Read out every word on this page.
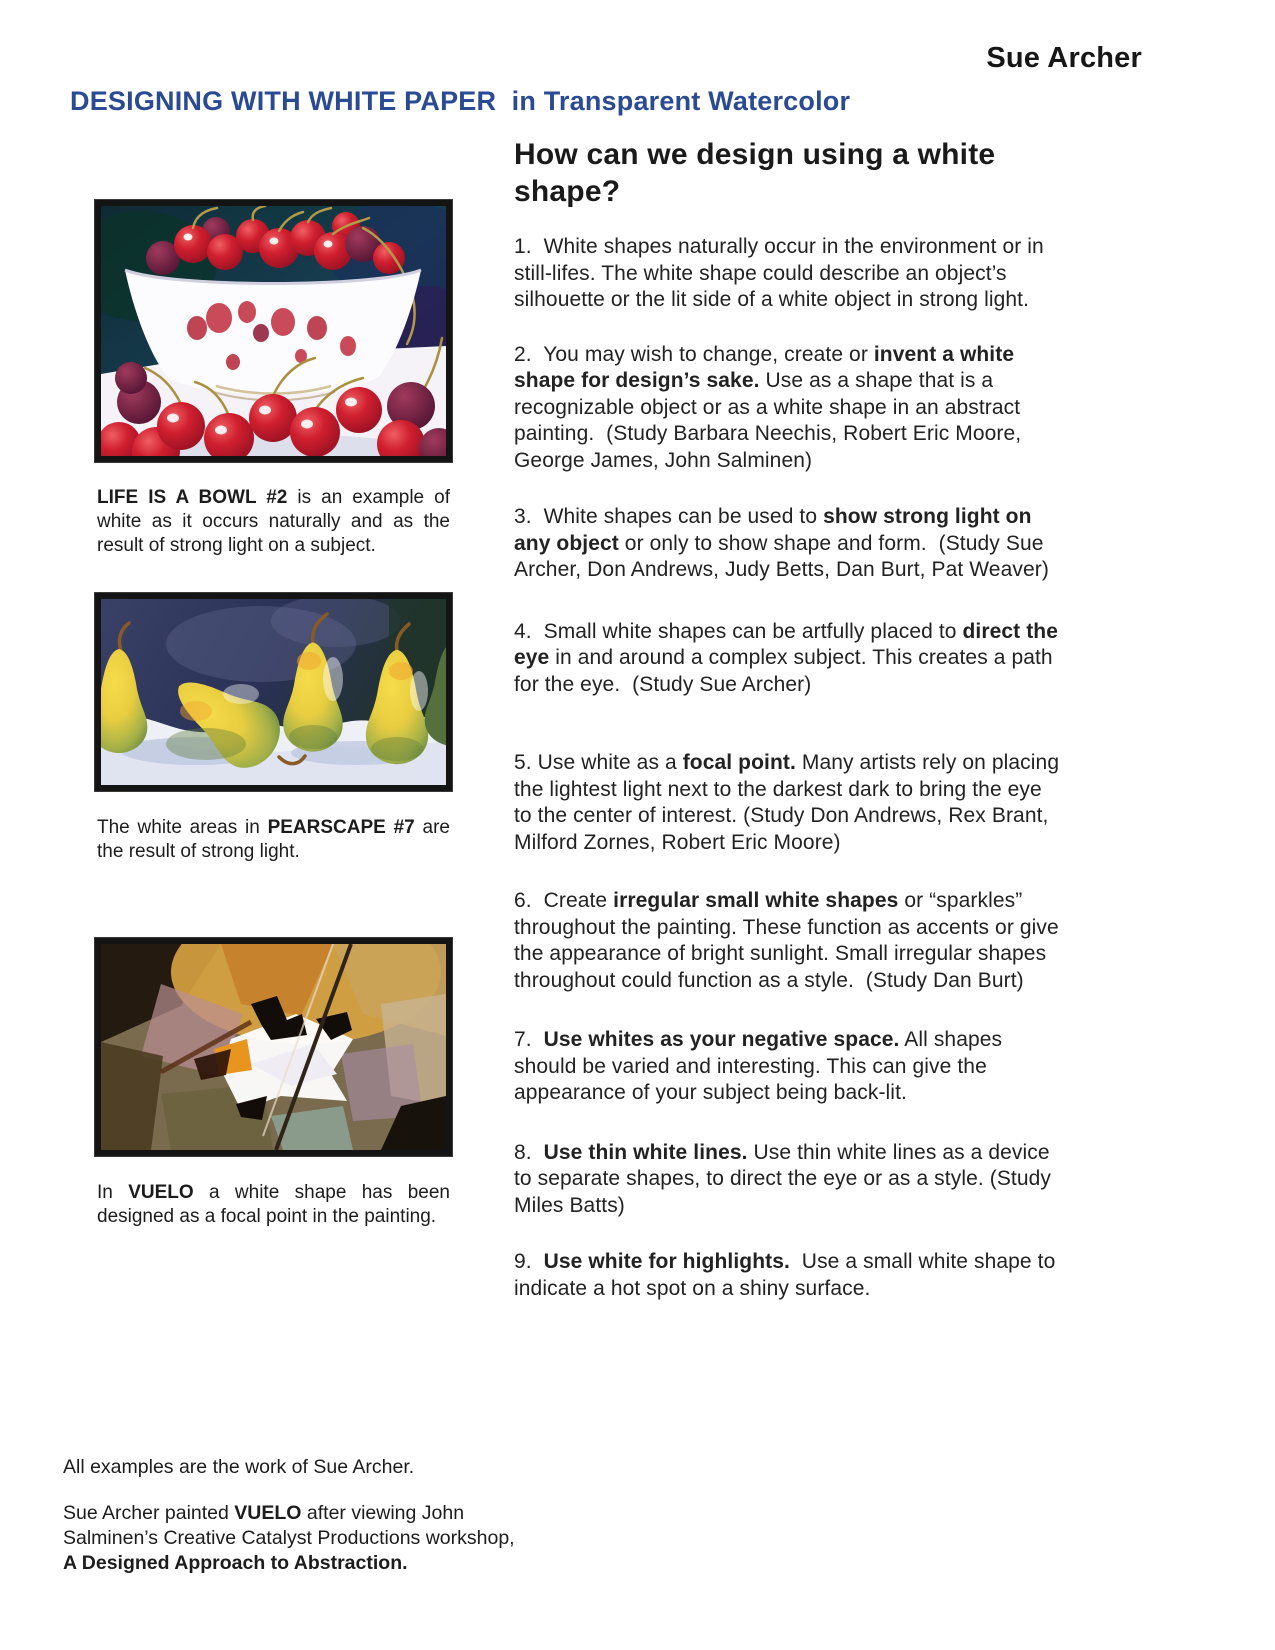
Sue Archer
DESIGNING WITH WHITE PAPER  in Transparent Watercolor

LIFE IS A BOWL #2 is an example of white as it occurs naturally and as the result of strong light on a subject.

The white areas in PEARSCAPE #7 are the result of strong light.

In VUELO a white shape has been designed as a focal point in the painting.

How can we design using a white shape?

1.  White shapes naturally occur in the environment or in still-lifes. The white shape could describe an object’s silhouette or the lit side of a white object in strong light.

2.  You may wish to change, create or invent a white shape for design’s sake. Use as a shape that is a recognizable object or as a white shape in an abstract painting.  (Study Barbara Neechis, Robert Eric Moore, George James, John Salminen)

3.  White shapes can be used to show strong light on any object or only to show shape and form.  (Study Sue Archer, Don Andrews, Judy Betts, Dan Burt, Pat Weaver)

4.  Small white shapes can be artfully placed to direct the eye in and around a complex subject. This creates a path for the eye.  (Study Sue Archer)

5. Use white as a focal point. Many artists rely on placing the lightest light next to the darkest dark to bring the eye to the center of interest. (Study Don Andrews, Rex Brant, Milford Zornes, Robert Eric Moore)

6.  Create irregular small white shapes or “sparkles” throughout the painting. These function as accents or give the appearance of bright sunlight. Small irregular shapes throughout could function as a style.  (Study Dan Burt)

7.  Use whites as your negative space. All shapes should be varied and interesting. This can give the appearance of your subject being back-lit.

8.  Use thin white lines. Use thin white lines as a device to separate shapes, to direct the eye or as a style. (Study Miles Batts)

9.  Use white for highlights.  Use a small white shape to indicate a hot spot on a shiny surface.

All examples are the work of Sue Archer.

Sue Archer painted VUELO after viewing John Salminen’s Creative Catalyst Productions workshop,  A Designed Approach to Abstraction.
